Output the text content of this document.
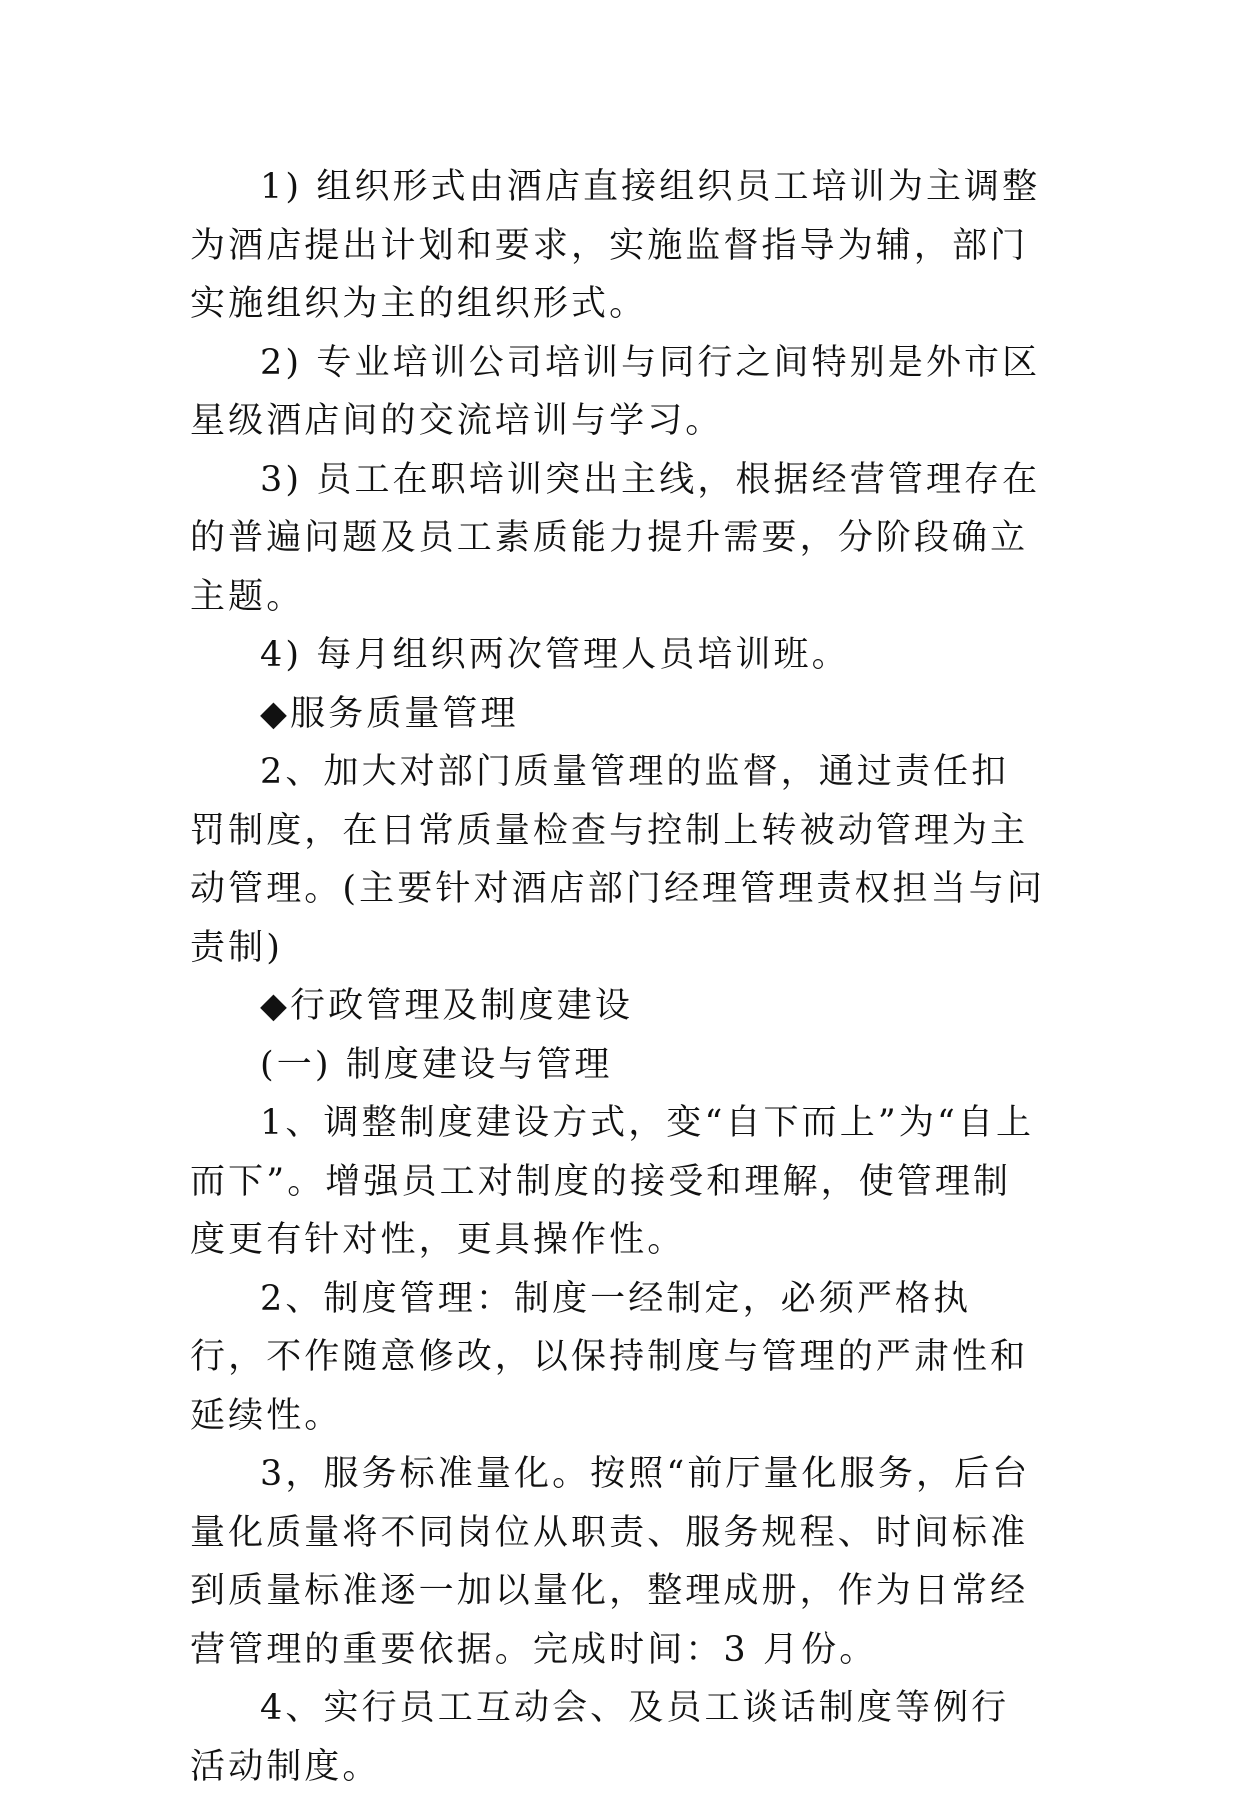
1) 组织形式由酒店直接组织员工培训为主调整为酒店提出计划和要求，实施监督指导为辅，部门实施组织为主的组织形式。

2) 专业培训公司培训与同行之间特别是外市区星级酒店间的交流培训与学习。

3) 员工在职培训突出主线，根据经营管理存在的普遍问题及员工素质能力提升需要，分阶段确立主题。

4) 每月组织两次管理人员培训班。

◆服务质量管理

2、加大对部门质量管理的监督，通过责任扣罚制度，在日常质量检查与控制上转被动管理为主动管理。(主要针对酒店部门经理管理责权担当与问责制)

◆行政管理及制度建设

(一) 制度建设与管理

1、调整制度建设方式，变“自下而上”为“自上而下”。增强员工对制度的接受和理解，使管理制度更有针对性，更具操作性。

2、制度管理：制度一经制定，必须严格执行，不作随意修改，以保持制度与管理的严肃性和延续性。

3，服务标准量化。按照“前厅量化服务，后台量化质量将不同岗位从职责、服务规程、时间标准到质量标准逐一加以量化，整理成册，作为日常经营管理的重要依据。完成时间：3 月份。

4、实行员工互动会、及员工谈话制度等例行活动制度。
